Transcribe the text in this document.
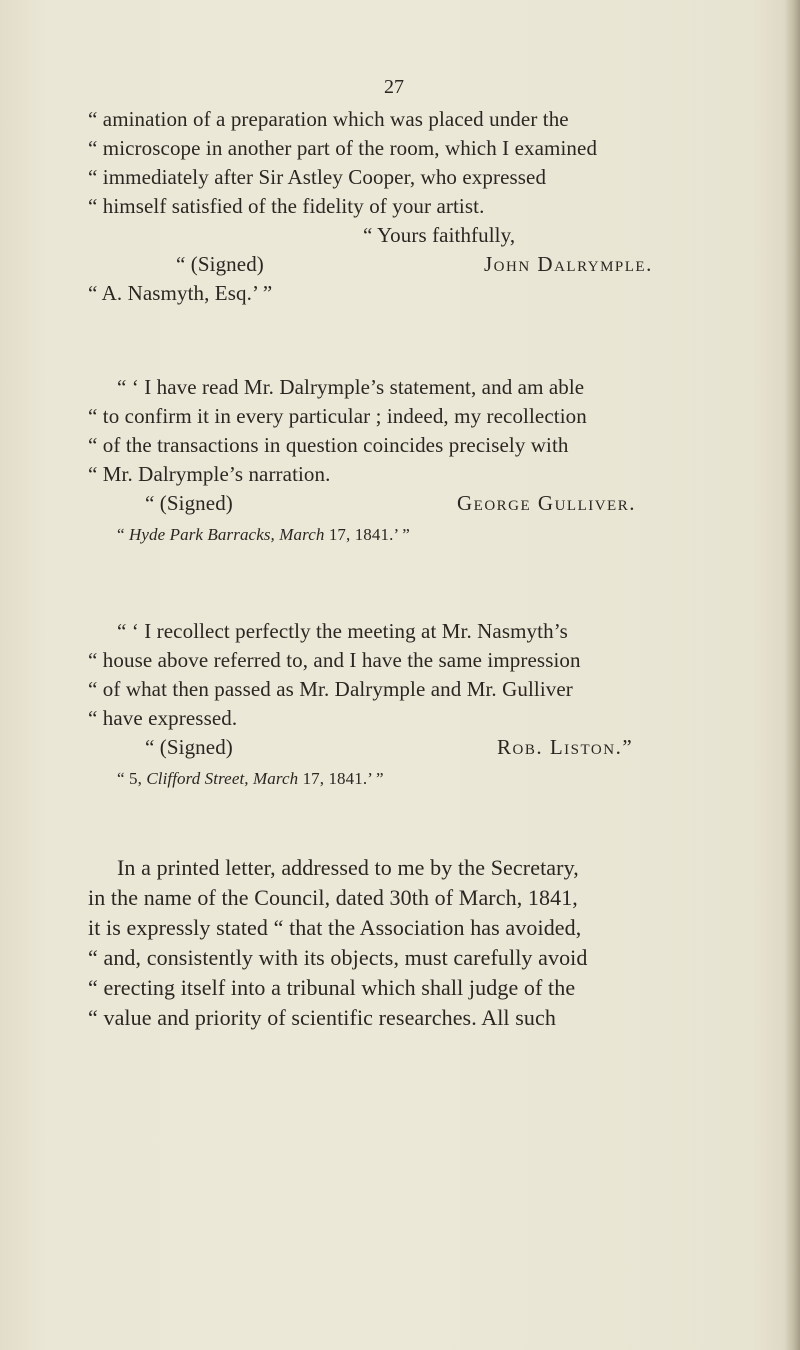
27
“ amination of a preparation which was placed under the
“ microscope in another part of the room, which I examined
“ immediately after Sir Astley Cooper, who expressed
“ himself satisfied of the fidelity of your artist.
“ Yours faithfully,
“ (Signed)	John Dalrymple.
“ A. Nasmyth, Esq.’ ”
“ ‘ I have read Mr. Dalrymple’s statement, and am able
“ to confirm it in every particular ; indeed, my recollection
“ of the transactions in question coincides precisely with
“ Mr. Dalrymple’s narration.
“ (Signed)	George Gulliver.
“ Hyde Park Barracks, March 17, 1841.’ ”
“ ‘ I recollect perfectly the meeting at Mr. Nasmyth’s
“ house above referred to, and I have the same impression
“ of what then passed as Mr. Dalrymple and Mr. Gulliver
“ have expressed.
“ (Signed)	Rob. Liston.”
“ 5, Clifford Street, March 17, 1841.’ ”
In a printed letter, addressed to me by the Secretary,
in the name of the Council, dated 30th of March, 1841,
it is expressly stated “ that the Association has avoided,
“ and, consistently with its objects, must carefully avoid
“ erecting itself into a tribunal which shall judge of the
“ value and priority of scientific researches. All such
